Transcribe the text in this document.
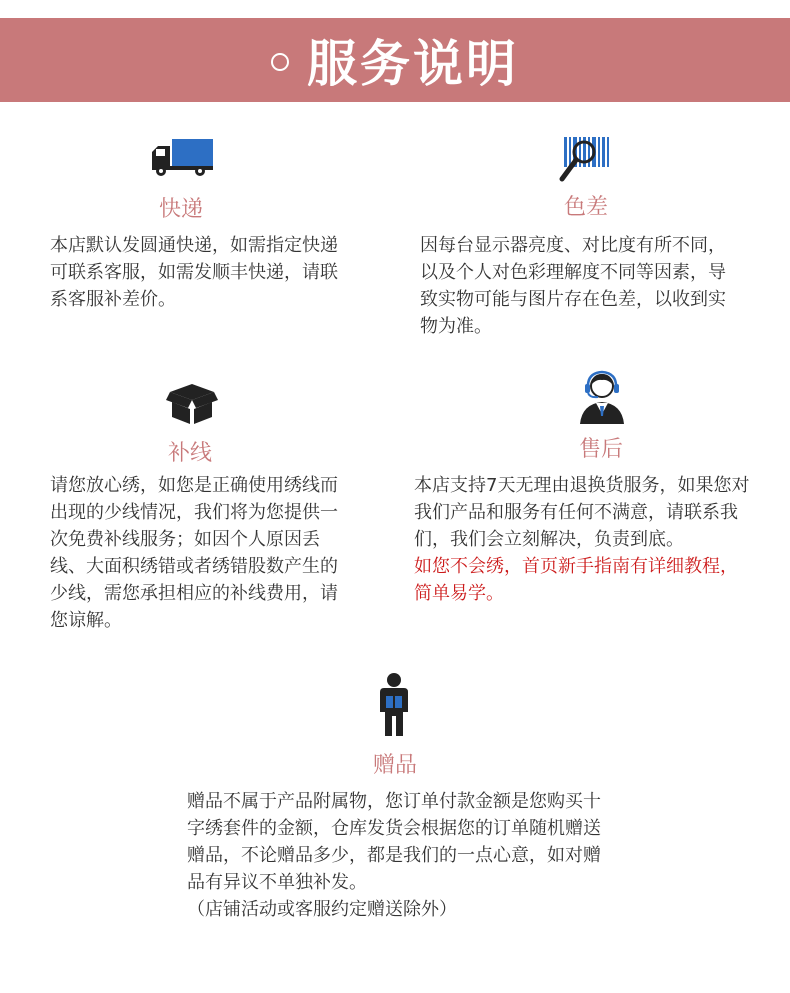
服务说明
快递
本店默认发圆通快递，如需指定快递可联系客服，如需发顺丰快递，请联系客服补差价。
色差
因每台显示器亮度、对比度有所不同，以及个人对色彩理解度不同等因素，导致实物可能与图片存在色差，以收到实物为准。
补线
请您放心绣，如您是正确使用绣线而出现的少线情况，我们将为您提供一次免费补线服务；如因个人原因丢线、大面积绣错或者绣错股数产生的少线，需您承担相应的补线费用，请您谅解。
售后

本店支持7天无理由退换货服务，如果您对我们产品和服务有任何不满意，请联系我们，我们会立刻解决，负责到底。

如您不会绣，首页新手指南有详细教程，简单易学。

赠品

赠品不属于产品附属物，您订单付款金额是您购买十字绣套件的金额，仓库发货会根据您的订单随机赠送赠品，不论赠品多少，都是我们的一点心意，如对赠品有异议不单独补发。

（店铺活动或客服约定赠送除外）
